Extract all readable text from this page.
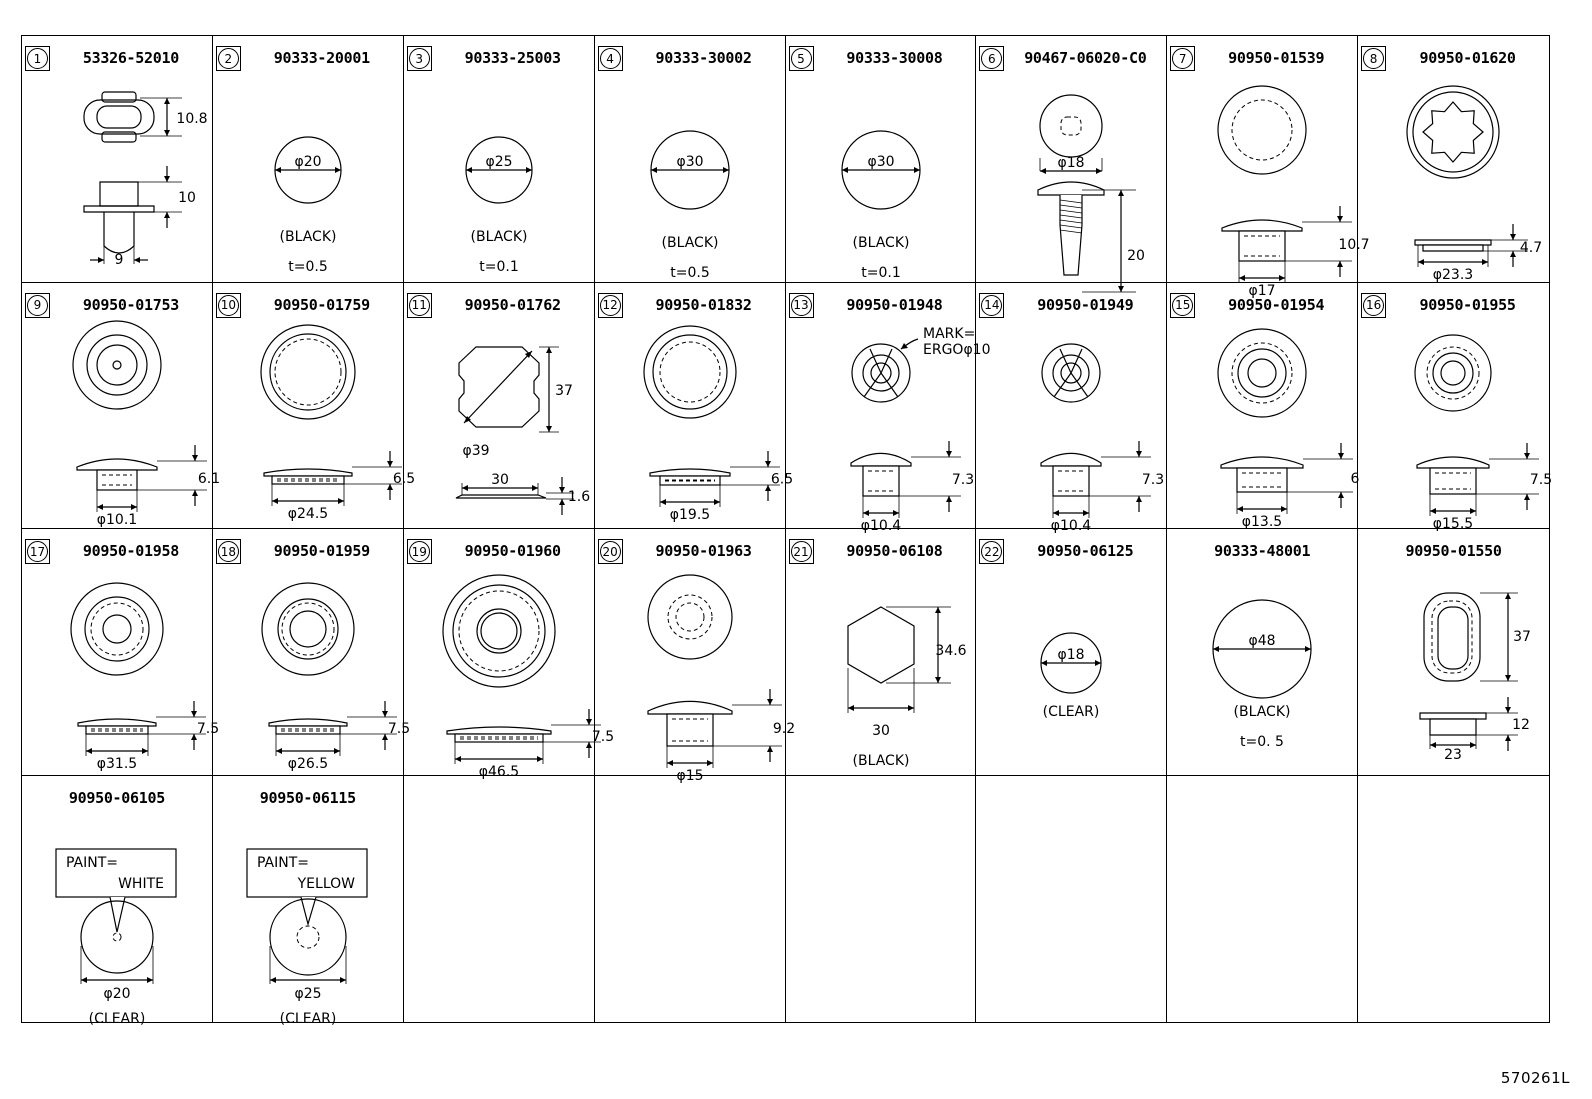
1	53326-52010
10.8
10
9
2	90333-20001
φ20
(BLACK)
t=0.5
3	90333-25003
φ25
(BLACK)
t=0.1
4	90333-30002
φ30
(BLACK)
t=0.5
5	90333-30008
φ30
(BLACK)
t=0.1
6	90467-06020-C0
φ18
20
7	90950-01539
10.7
φ17
8	90950-01620
4.7
φ23.3
9	90950-01753
6.1
φ10.1
10	90950-01759
6.5
φ24.5
11	90950-01762
φ39
37
30
1.6
12	90950-01832
6.5
φ19.5
13	90950-01948
7.3
φ10.4
MARK=
ERGOφ10
14	90950-01949
7.3
φ10.4
15	90950-01954
6
φ13.5
16	90950-01955
7.5
φ15.5
17	90950-01958
7.5
φ31.5
18	90950-01959
7.5
φ26.5
19	90950-01960
7.5
φ46.5
20	90950-01963
9.2
φ15
21	90950-06108
34.6
30
(BLACK)
22	90950-06125
φ18
(CLEAR)
90333-48001
φ48
(BLACK)
t=0. 5
90950-01550
37
12
23
90950-06105
PAINT=
WHITE
φ20
(CLEAR)
90950-06115
PAINT=
YELLOW
φ25
(CLEAR)
570261L
